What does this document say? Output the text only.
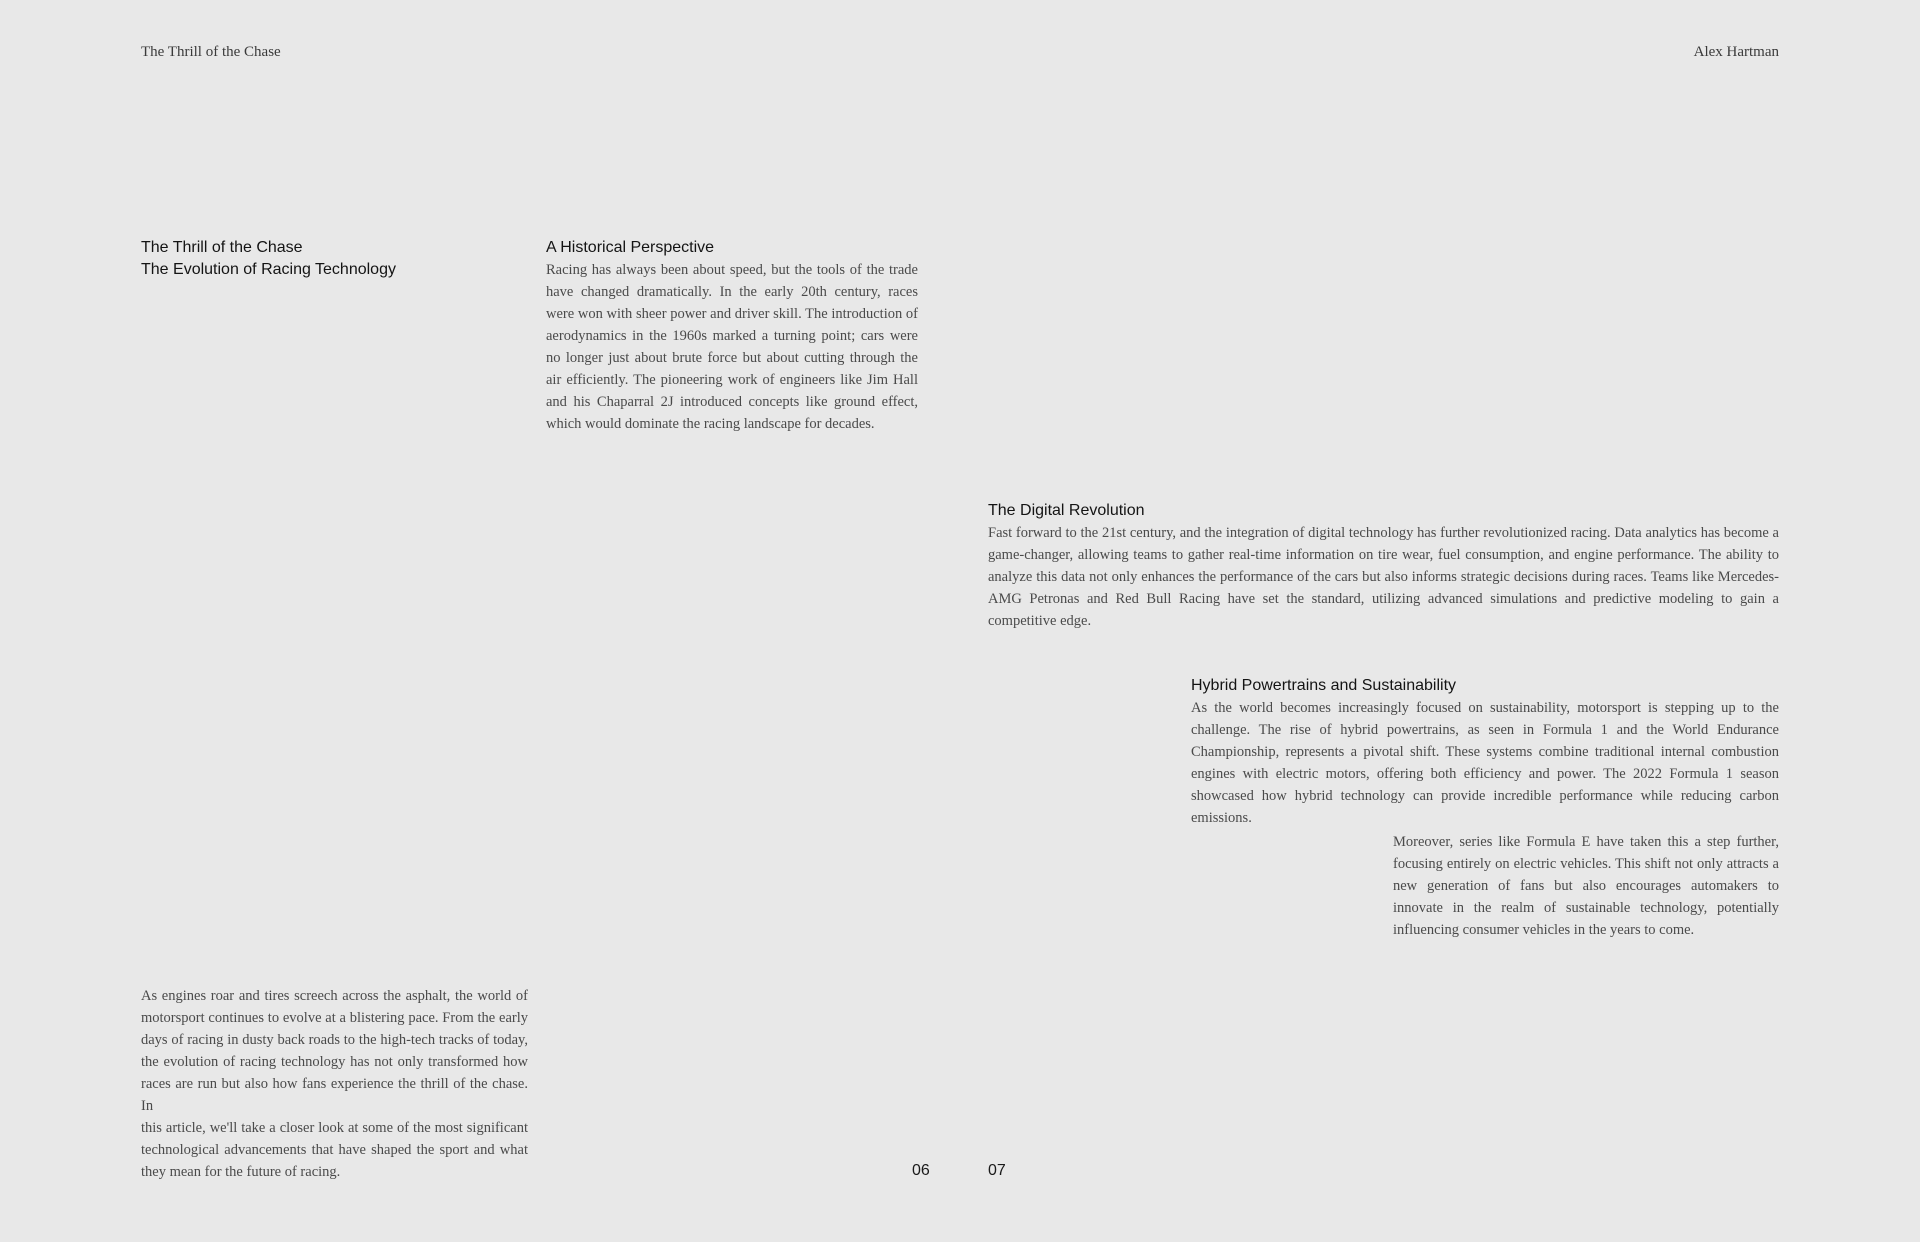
The Thrill of the Chase	Alex Hartman

The Thrill of the Chase

The Evolution of Racing Technology

A Historical Perspective

Racing has always been about speed, but the tools of the trade have changed dramatically. In the early 20th century, races were won with sheer power and driver skill. The introduction of aerodynamics in the 1960s marked a turning point; cars were no longer just about brute force but about cutting through the air efficiently. The pioneering work of engineers like Jim Hall and his Chaparral 2J introduced concepts like ground effect, which would dominate the racing landscape for decades.

The Digital Revolution

Fast forward to the 21st century, and the integration of digital technology has further revolutionized racing. Data analytics has become a game-changer, allowing teams to gather real-time information on tire wear, fuel consumption, and engine performance. The ability to analyze this data not only enhances the performance of the cars but also informs strategic decisions during races. Teams like Mercedes-AMG Petronas and Red Bull Racing have set the standard, utilizing advanced simulations and predictive modeling to gain a competitive edge.

Hybrid Powertrains and Sustainability

As the world becomes increasingly focused on sustainability, motorsport is stepping up to the challenge. The rise of hybrid powertrains, as seen in Formula 1 and the World Endurance Championship, represents a pivotal shift. These systems combine traditional internal combustion engines with electric motors, offering both efficiency and power. The 2022 Formula 1 season showcased how hybrid technology can provide incredible performance while reducing carbon emissions.

Moreover, series like Formula E have taken this a step further, focusing entirely on electric vehicles. This shift not only attracts a new generation of fans but also encourages automakers to innovate in the realm of sustainable technology, potentially influencing consumer vehicles in the years to come.

As engines roar and tires screech across the asphalt, the world of motorsport continues to evolve at a blistering pace. From the early days of racing in dusty back roads to the high-tech tracks of today, the evolution of racing technology has not only transformed how races are run but also how fans experience the thrill of the chase. In

this article, we'll take a closer look at some of the most significant technological advancements that have shaped the sport and what they mean for the future of racing.	06	07
